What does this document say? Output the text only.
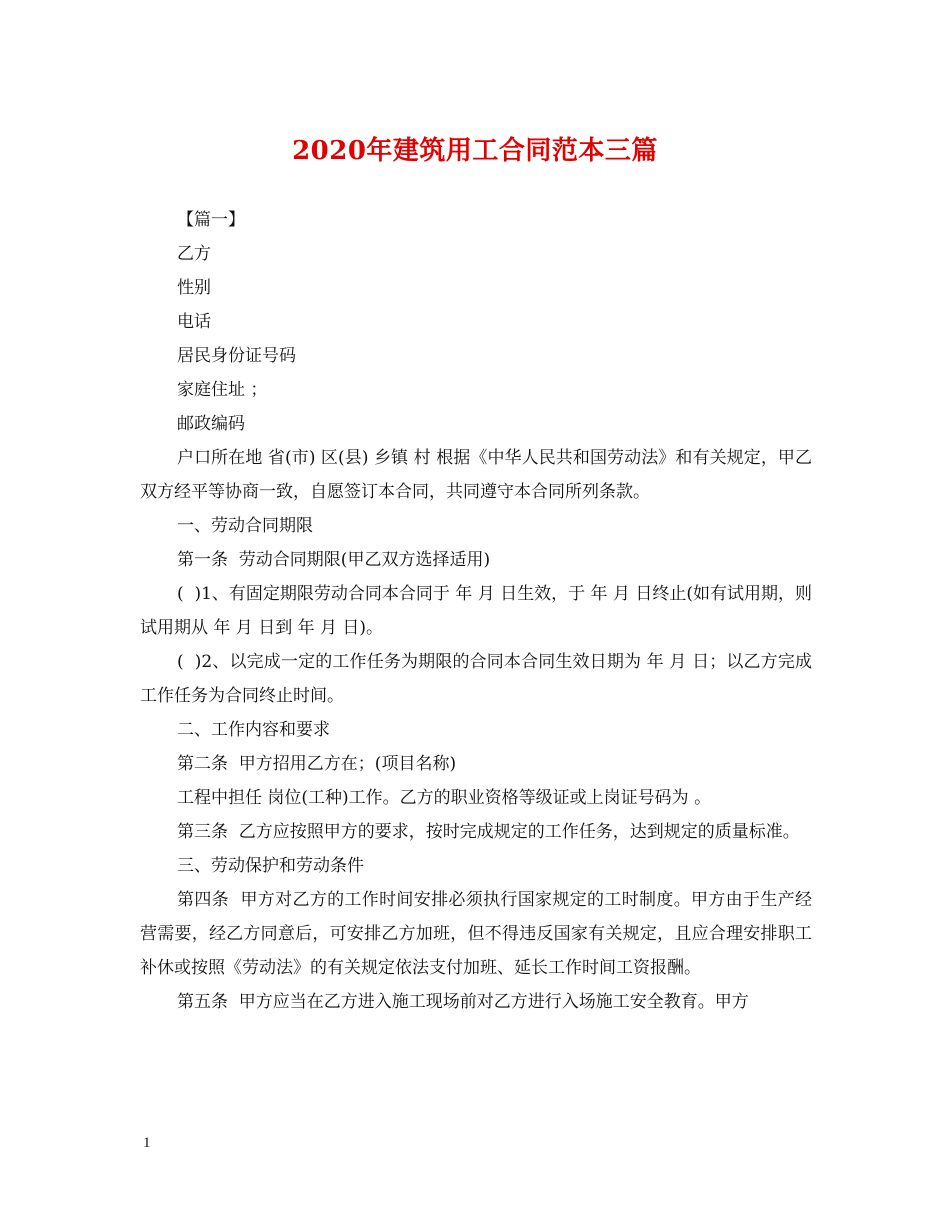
2020年建筑用工合同范本三篇

【篇一】

乙方

性别

电话

居民身份证号码

家庭住址 ；

邮政编码

户口所在地 省(市) 区(县) 乡镇 村 根据《中华人民共和国劳动法》和有关规定，甲乙双方经平等协商一致，自愿签订本合同，共同遵守本合同所列条款。

一、劳动合同期限

第一条  劳动合同期限(甲乙双方选择适用)

(  )1、有固定期限劳动合同本合同于 年 月 日生效，于 年 月 日终止(如有试用期，则试用期从 年 月 日到 年 月 日)。

(  )2、以完成一定的工作任务为期限的合同本合同生效日期为 年 月 日；以乙方完成 工作任务为合同终止时间。

二、工作内容和要求

第二条  甲方招用乙方在；(项目名称)

工程中担任 岗位(工种)工作。乙方的职业资格等级证或上岗证号码为 。

第三条  乙方应按照甲方的要求，按时完成规定的工作任务，达到规定的质量标准。

三、劳动保护和劳动条件

第四条  甲方对乙方的工作时间安排必须执行国家规定的工时制度。甲方由于生产经营需要，经乙方同意后，可安排乙方加班，但不得违反国家有关规定，且应合理安排职工补休或按照《劳动法》的有关规定依法支付加班、延长工作时间工资报酬。

第五条  甲方应当在乙方进入施工现场前对乙方进行入场施工安全教育。甲方

1
